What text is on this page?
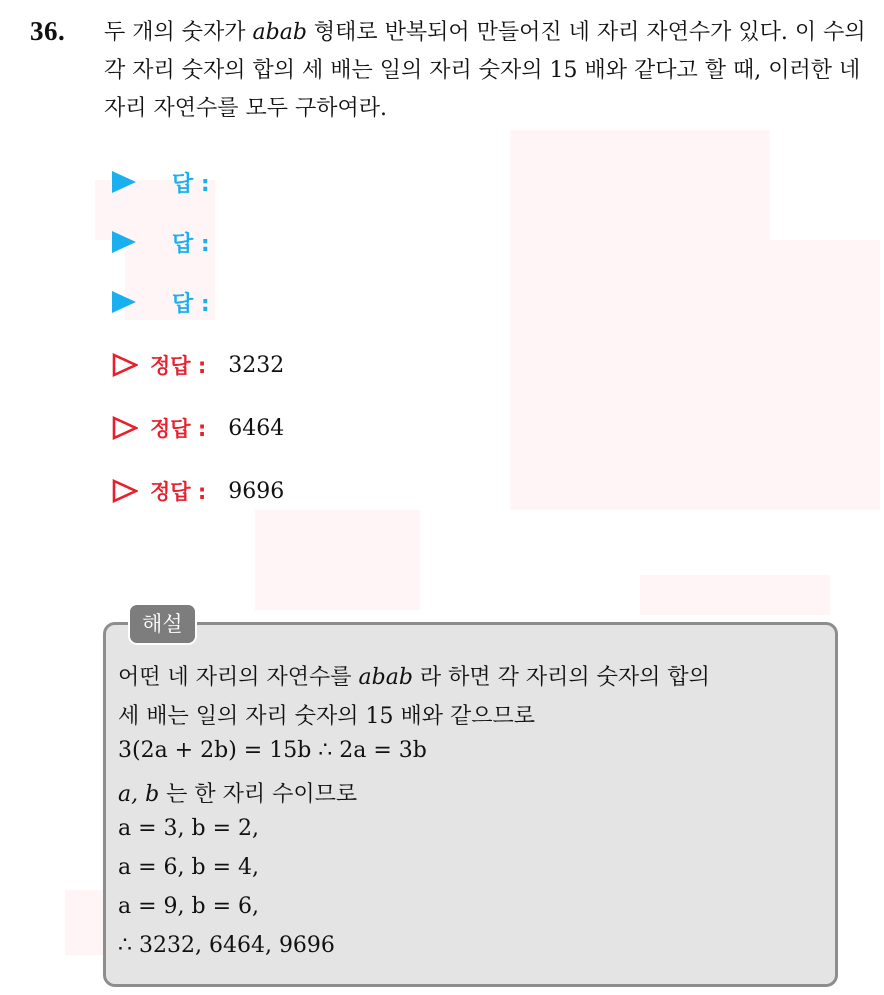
36. 두 개의 숫자가 abab 형태로 반복되어 만들어진 네 자리 자연수가 있다. 이 수의 각 자리 숫자의 합의 세 배는 일의 자리 숫자의 15 배와 같다고 할 때, 이러한 네 자리 자연수를 모두 구하여라.
답 :
답 :
답 :
정답 : 3232
정답 : 6464
정답 : 9696
해설
어떤 네 자리의 자연수를 abab 라 하면 각 자리의 숫자의 합의
세 배는 일의 자리 숫자의 15 배와 같으므로
3(2a + 2b) = 15b ∴ 2a = 3b
a, b 는 한 자리 수이므로
a = 3, b = 2,
a = 6, b = 4,
a = 9, b = 6,
∴ 3232, 6464, 9696
